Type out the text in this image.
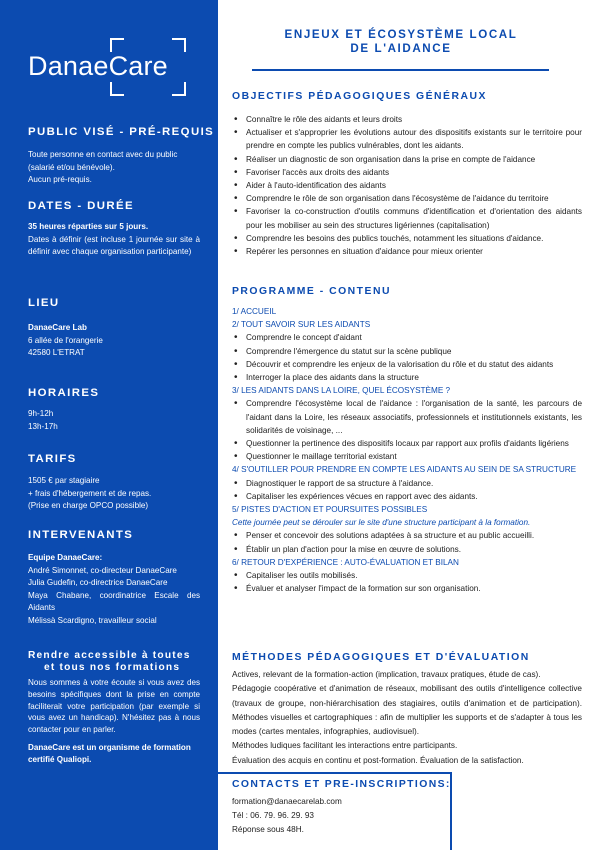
DanaeCare
PUBLIC VISÉ - PRÉ-REQUIS
Toute personne en contact avec du public (salarié et/ou bénévole).
Aucun pré-requis.
DATES - DURÉE
35 heures réparties sur 5 jours.
Dates à définir (est incluse 1 journée sur site à définir avec chaque organisation participante)
LIEU
DanaeCare Lab
6 allée de l'orangerie
42580 L'ETRAT
HORAIRES
9h-12h
13h-17h
TARIFS
1505 € par stagiaire
+ frais d'hébergement et de repas.
(Prise en charge OPCO possible)
INTERVENANTS
Equipe DanaeCare:
André Simonnet, co-directeur DanaeCare
Julia Gudefin, co-directrice DanaeCare
Maya Chabane, coordinatrice Escale des Aidants
Mélissà Scardigno, travailleur social
Rendre accessible à toutes
et tous nos formations
Nous sommes à votre écoute si vous avez des besoins spécifiques dont la prise en compte faciliterait votre participation (par exemple si vous avez un handicap). N'hésitez pas à nous contacter pour en parler.
DanaeCare est un organisme de formation certifié Qualiopi.
ENJEUX ET ÉCOSYSTÈME LOCAL
DE L'AIDANCE
OBJECTIFS PÉDAGOGIQUES GÉNÉRAUX
• Connaître le rôle des aidants et leurs droits
• Actualiser et s'approprier les évolutions autour des dispositifs existants sur le territoire pour prendre en compte les publics vulnérables, dont les aidants.
• Réaliser un diagnostic de son organisation dans la prise en compte de l'aidance
• Favoriser l'accès aux droits des aidants
• Aider à l'auto-identification des aidants
• Comprendre le rôle de son organisation dans l'écosystème de l'aidance du territoire
• Favoriser la co-construction d'outils communs d'identification et d'orientation des aidants pour les mobiliser au sein des structures ligériennes (capitalisation)
• Comprendre les besoins des publics touchés, notamment les situations d'aidance.
• Repérer les personnes en situation d'aidance pour mieux orienter
PROGRAMME - CONTENU
1/ ACCUEIL
2/ TOUT SAVOIR SUR LES AIDANTS
• Comprendre le concept d'aidant
• Comprendre l'émergence du statut sur la scène publique
• Découvrir et comprendre les enjeux de la valorisation du rôle et du statut des aidants
• Interroger la place des aidants dans la structure
3/ LES AIDANTS DANS LA LOIRE, QUEL ÉCOSYSTÈME ?
• Comprendre l'écosystème local de l'aidance : l'organisation de la santé, les parcours de l'aidant dans la Loire, les réseaux associatifs, professionnels et institutionnels existants, les solidarités de voisinage, ...
• Questionner la pertinence des dispositifs locaux par rapport aux profils d'aidants ligériens
• Questionner le maillage territorial existant
4/ S'OUTILLER POUR PRENDRE EN COMPTE LES AIDANTS AU SEIN DE SA STRUCTURE
• Diagnostiquer le rapport de sa structure à l'aidance.
• Capitaliser les expériences vécues en rapport avec des aidants.
5/ PISTES D'ACTION ET POURSUITES POSSIBLES
Cette journée peut se dérouler sur le site d'une structure participant à la formation.
• Penser et concevoir des solutions adaptées à sa structure et au public accueilli.
• Établir un plan d'action pour la mise en œuvre de solutions.
6/ RETOUR D'EXPÉRIENCE : AUTO-ÉVALUATION ET BILAN
• Capitaliser les outils mobilisés.
• Évaluer et analyser l'impact de la formation sur son organisation.
MÉTHODES PÉDAGOGIQUES ET D'ÉVALUATION
Actives, relevant de la formation-action (implication, travaux pratiques, étude de cas).
Pédagogie coopérative et d'animation de réseaux, mobilisant des outils d'intelligence collective (travaux de groupe, non-hiérarchisation des stagiaires, outils d'animation et de participation). Méthodes visuelles et cartographiques : afin de multiplier les supports et de s'adapter à tous les modes (cartes mentales, infographies, audiovisuel).
Méthodes ludiques facilitant les interactions entre participants.
Évaluation des acquis en continu et post-formation. Évaluation de la satisfaction.
CONTACTS ET PRE-INSCRIPTIONS:
formation@danaecarelab.com
Tél : 06. 79. 96. 29. 93
Réponse sous 48H.
